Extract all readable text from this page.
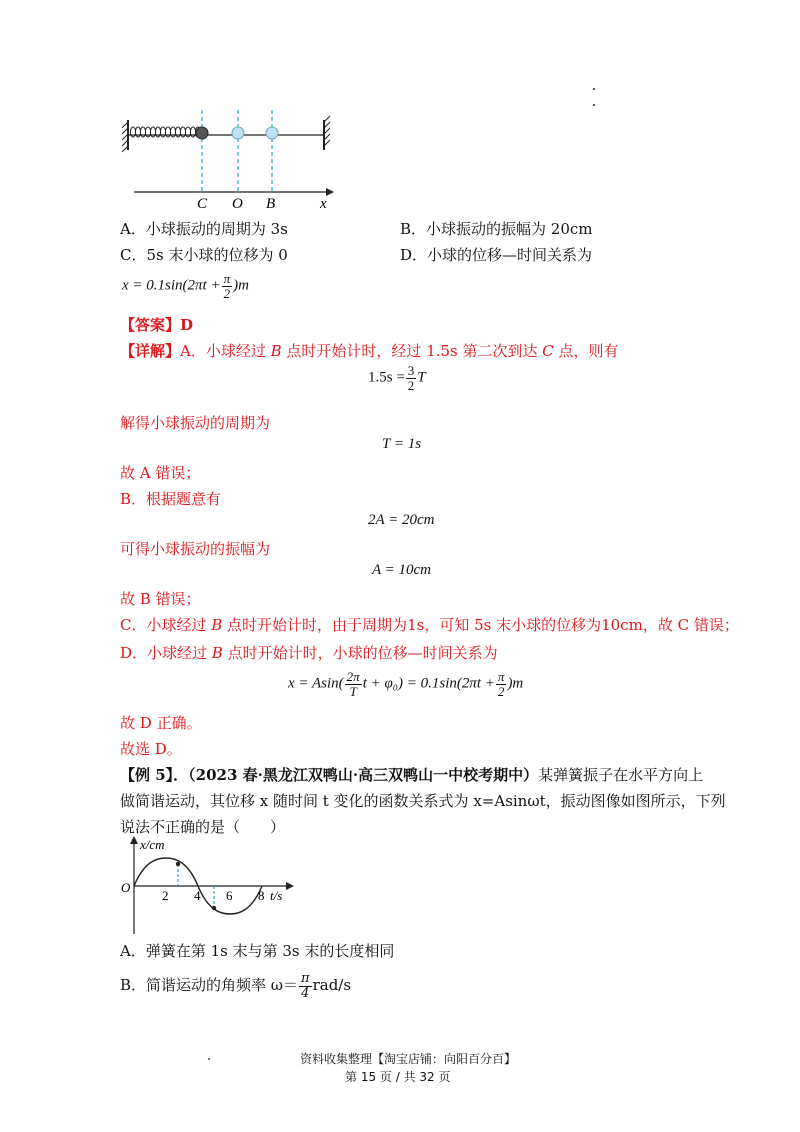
C O B	x
A．小球振动的周期为 3s	B．小球振动的振幅为 20cm
C．5s 末小球的位移为 0	D．小球的位移—时间关系为
$x = 0.1\sin(2\pi t + \frac{\pi}{2} )m$
【答案】D
【详解】A．小球经过 B 点时开始计时，经过 1.5s 第二次到达 C 点，则有
$1.5s = \frac{3}{2}$ T
解得小球振动的周期为
T = 1s
故 A 错误；
B．根据题意有
2A = 20cm
可得小球振动的振幅为
A = 10cm
故 B 错误；
C．小球经过 B 点时开始计时，由于周期为1s，可知 5s 末小球的位移为10cm，故 C 错误；
D．小球经过 B 点时开始计时，小球的位移—时间关系为
$x = Asin( \frac{2\pi}{T}$ $t + \varphi_0) = 0.1\sin(2\pi t + \frac{\pi}{2} )m$
故 D 正确。
故选 D。
【例 5】．（2023 春·黑龙江双鸭山·高三双鸭山一中校考期中）某弹簧振子在水平方向上
做简谐运动，其位移 x 随时间 t 变化的函数关系式为 x=Asinωt，振动图像如图所示，下列
说法不正确的是（　　）
x/cm
O
2 4 6 8 t/s
A．弹簧在第 1s 末与第 3s 末的长度相同
B．简谐运动的角频率 $\omega= \frac{\pi}{4} rad/s$
资料收集整理【淘宝店铺：向阳百分百】
第 15 页 / 共 32 页
